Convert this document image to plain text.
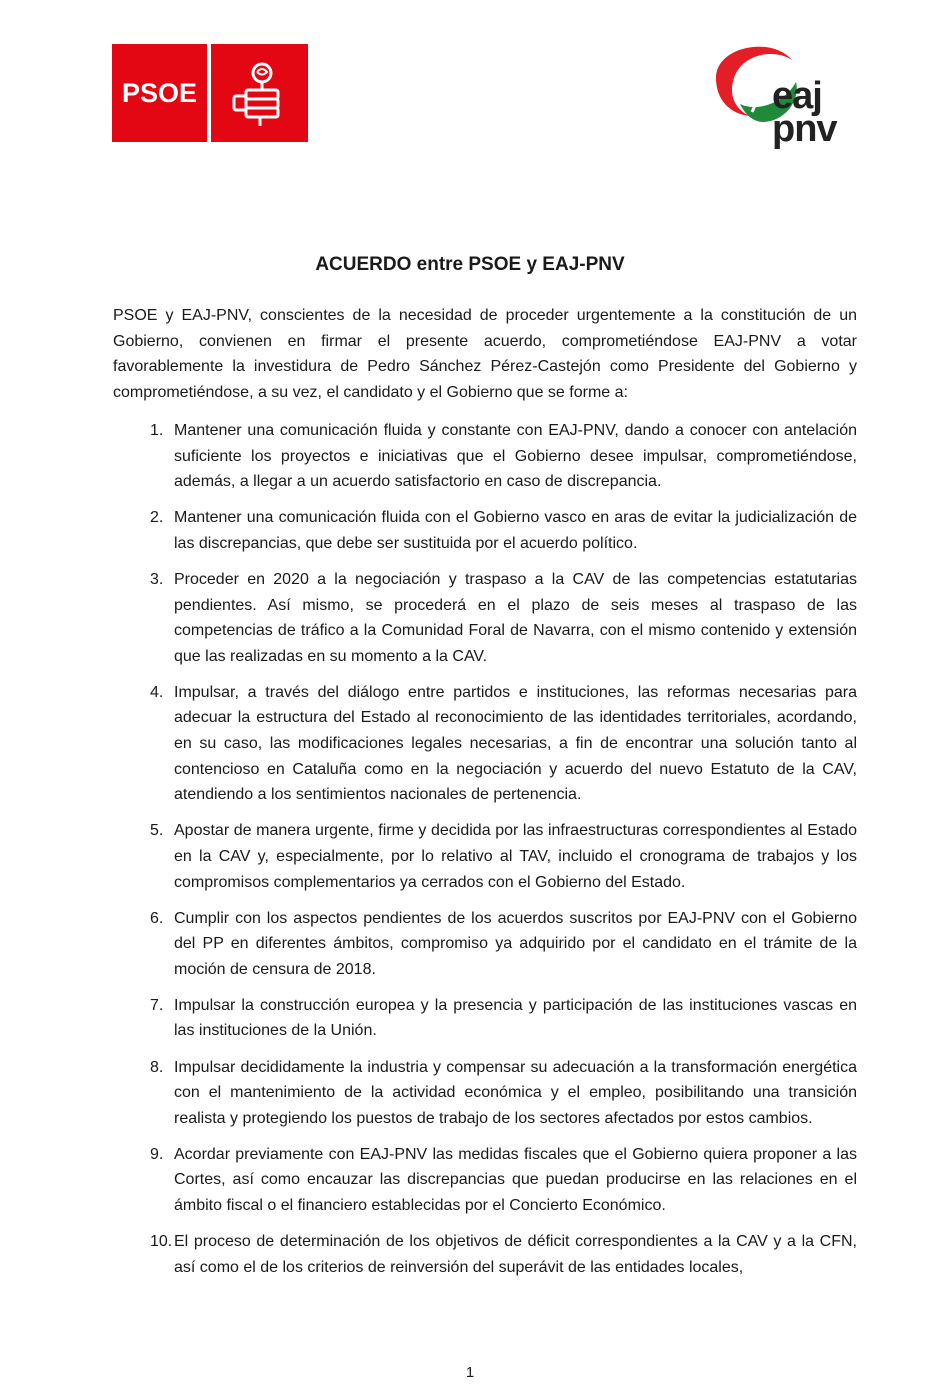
PSOE	eaj
pnv
ACUERDO entre PSOE y EAJ-PNV
PSOE y EAJ-PNV, conscientes de la necesidad de proceder urgentemente a la constitución de un Gobierno, convienen en firmar el presente acuerdo, comprometiéndose EAJ-PNV a votar favorablemente la investidura de Pedro Sánchez Pérez-Castejón como Presidente del Gobierno y comprometiéndose, a su vez, el candidato y el Gobierno que se forme a:
1. Mantener una comunicación fluida y constante con EAJ-PNV, dando a conocer con antelación suficiente los proyectos e iniciativas que el Gobierno desee impulsar, comprometiéndose, además, a llegar a un acuerdo satisfactorio en caso de discrepancia.
2. Mantener una comunicación fluida con el Gobierno vasco en aras de evitar la judicialización de las discrepancias, que debe ser sustituida por el acuerdo político.
3. Proceder en 2020 a la negociación y traspaso a la CAV de las competencias estatutarias pendientes. Así mismo, se procederá en el plazo de seis meses al traspaso de las competencias de tráfico a la Comunidad Foral de Navarra, con el mismo contenido y extensión que las realizadas en su momento a la CAV.
4. Impulsar, a través del diálogo entre partidos e instituciones, las reformas necesarias para adecuar la estructura del Estado al reconocimiento de las identidades territoriales, acordando, en su caso, las modificaciones legales necesarias, a fin de encontrar una solución tanto al contencioso en Cataluña como en la negociación y acuerdo del nuevo Estatuto de la CAV, atendiendo a los sentimientos nacionales de pertenencia.
5. Apostar de manera urgente, firme y decidida por las infraestructuras correspondientes al Estado en la CAV y, especialmente, por lo relativo al TAV, incluido el cronograma de trabajos y los compromisos complementarios ya cerrados con el Gobierno del Estado.
6. Cumplir con los aspectos pendientes de los acuerdos suscritos por EAJ-PNV con el Gobierno del PP en diferentes ámbitos, compromiso ya adquirido por el candidato en el trámite de la moción de censura de 2018.
7. Impulsar la construcción europea y la presencia y participación de las instituciones vascas en las instituciones de la Unión.
8. Impulsar decididamente la industria y compensar su adecuación a la transformación energética con el mantenimiento de la actividad económica y el empleo, posibilitando una transición realista y protegiendo los puestos de trabajo de los sectores afectados por estos cambios.
9. Acordar previamente con EAJ-PNV las medidas fiscales que el Gobierno quiera proponer a las Cortes, así como encauzar las discrepancias que puedan producirse en las relaciones en el ámbito fiscal o el financiero establecidas por el Concierto Económico.
10. El proceso de determinación de los objetivos de déficit correspondientes a la CAV y a la CFN, así como el de los criterios de reinversión del superávit de las entidades locales,
1
